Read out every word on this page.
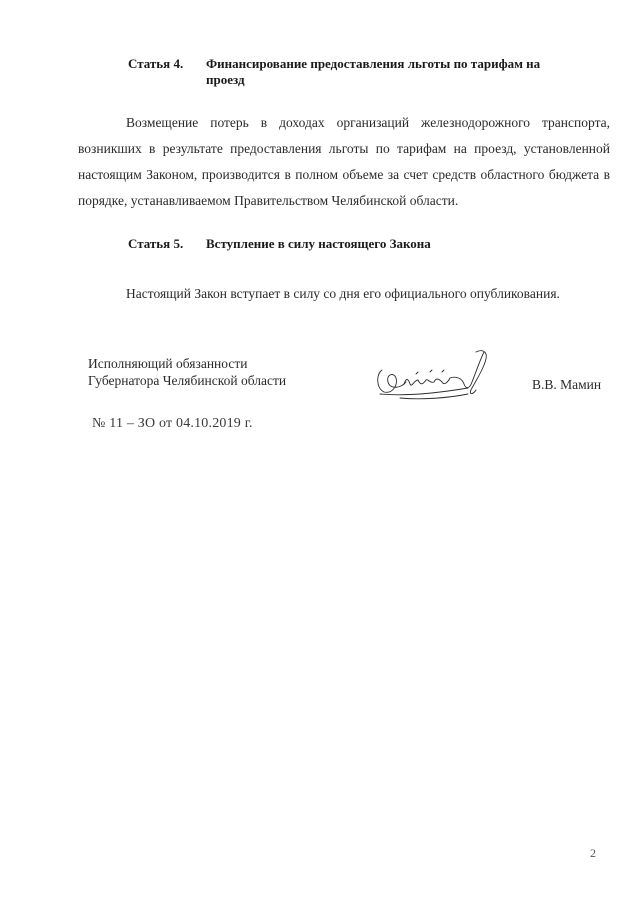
Статья 4. Финансирование предоставления льготы по тарифам на проезд
Возмещение потерь в доходах организаций железнодорожного транспорта, возникших в результате предоставления льготы по тарифам на проезд, установленной настоящим Законом, производится в полном объеме за счет средств областного бюджета в порядке, устанавливаемом Правительством Челябинской области.
Статья 5. Вступление в силу настоящего Закона
Настоящий Закон вступает в силу со дня его официального опубликования.
Исполняющий обязанности
Губернатора Челябинской области	В.В. Мамин
№ 11 – ЗО от 04.10.2019 г.
2
